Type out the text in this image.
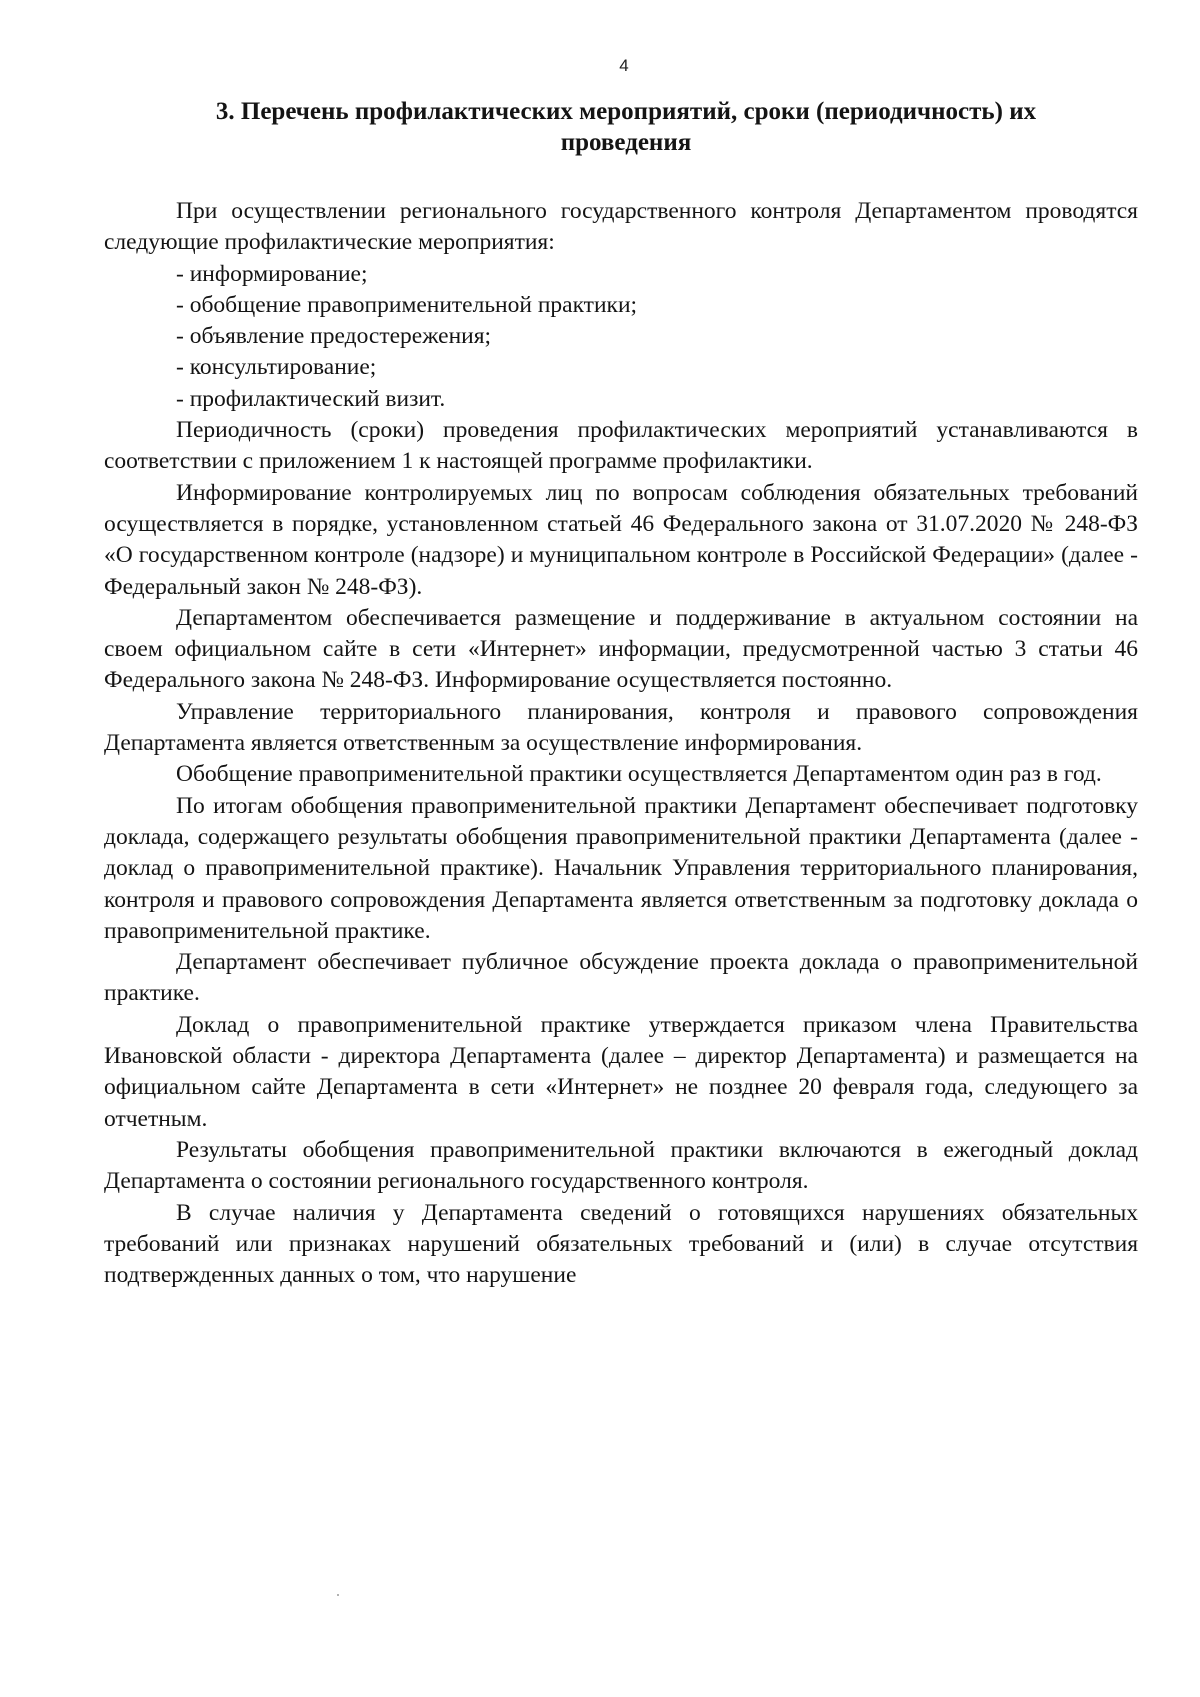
4
3. Перечень профилактических мероприятий, сроки (периодичность) их проведения

При осуществлении регионального государственного контроля Департаментом проводятся следующие профилактические мероприятия:

- информирование;
- обобщение правоприменительной практики;
- объявление предостережения;
- консультирование;
- профилактический визит.

Периодичность (сроки) проведения профилактических мероприятий устанавливаются в соответствии с приложением 1 к настоящей программе профилактики.

Информирование контролируемых лиц по вопросам соблюдения обязательных требований осуществляется в порядке, установленном статьей 46 Федерального закона от 31.07.2020 № 248-ФЗ «О государственном контроле (надзоре) и муниципальном контроле в Российской Федерации» (далее - Федеральный закон № 248-ФЗ).

Департаментом обеспечивается размещение и поддерживание в актуальном состоянии на своем официальном сайте в сети «Интернет» информации, предусмотренной частью 3 статьи 46 Федерального закона № 248-ФЗ. Информирование осуществляется постоянно.

Управление территориального планирования, контроля и правового сопровождения Департамента является ответственным за осуществление информирования.

Обобщение правоприменительной практики осуществляется Департаментом один раз в год.

По итогам обобщения правоприменительной практики Департамент обеспечивает подготовку доклада, содержащего результаты обобщения правоприменительной практики Департамента (далее - доклад о правоприменительной практике). Начальник Управления территориального планирования, контроля и правового сопровождения Департамента является ответственным за подготовку доклада о правоприменительной практике.

Департамент обеспечивает публичное обсуждение проекта доклада о правоприменительной практике.

Доклад о правоприменительной практике утверждается приказом члена Правительства Ивановской области - директора Департамента (далее – директор Департамента) и размещается на официальном сайте Департамента в сети «Интернет» не позднее 20 февраля года, следующего за отчетным.

Результаты обобщения правоприменительной практики включаются в ежегодный доклад Департамента о состоянии регионального государственного контроля.

В случае наличия у Департамента сведений о готовящихся нарушениях обязательных требований или признаках нарушений обязательных требований и (или) в случае отсутствия подтвержденных данных о том, что нарушение
